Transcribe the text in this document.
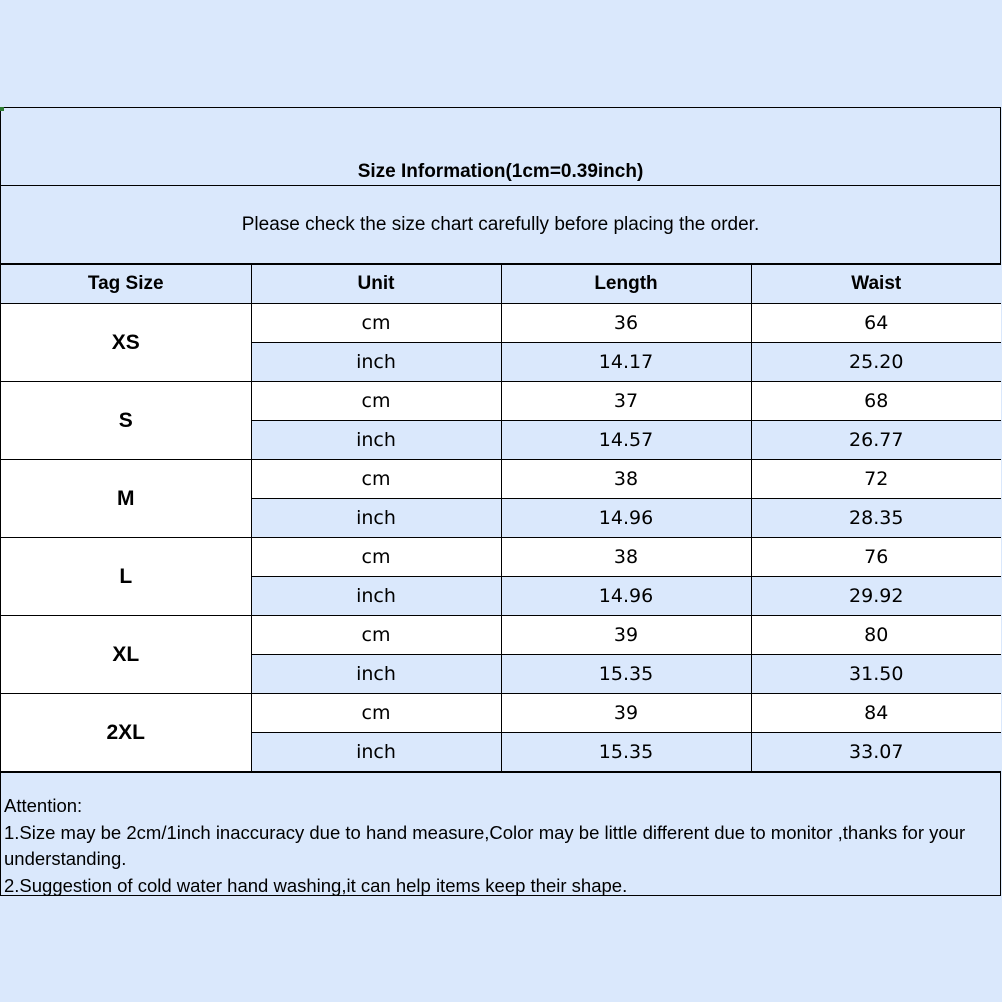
Size Information(1cm=0.39inch)
Please check the size chart carefully before placing the order.
Tag Size	Unit	Length	Waist
XS	cm	36	64
	inch	14.17	25.20
S	cm	37	68
	inch	14.57	26.77
M	cm	38	72
	inch	14.96	28.35
L	cm	38	76
	inch	14.96	29.92
XL	cm	39	80
	inch	15.35	31.50
2XL	cm	39	84
	inch	15.35	33.07
Attention:
1.Size may be 2cm/1inch inaccuracy due to hand measure,Color may be little different due to monitor ,thanks for your understanding.
2.Suggestion of cold water hand washing,it can help items keep their shape.
